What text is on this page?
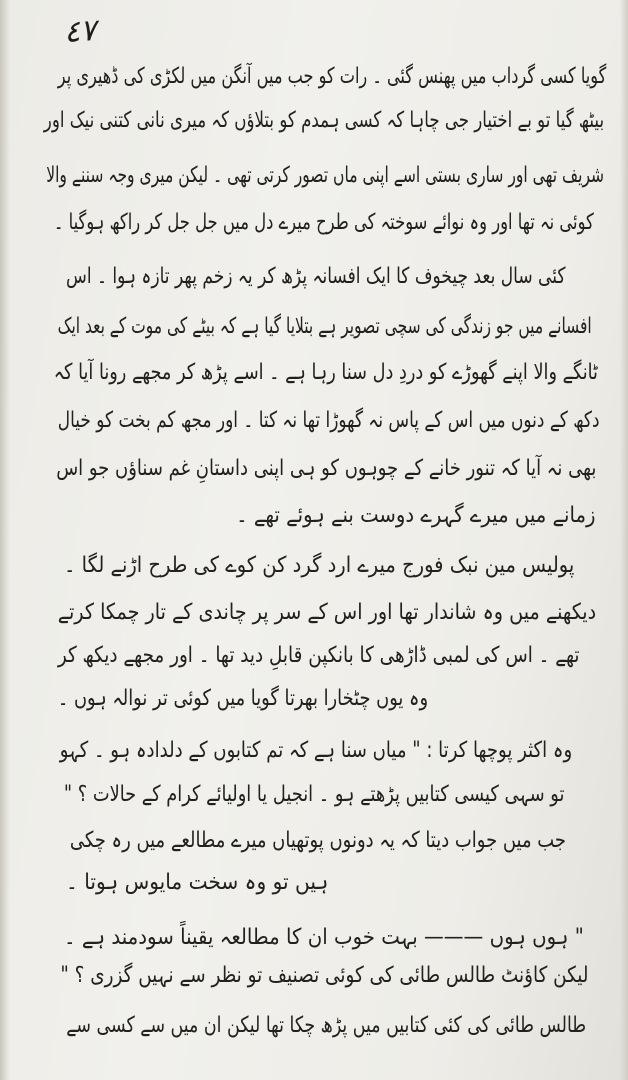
٤٧
گویا کسی گرداب میں پھنس گئی ۔ رات کو جب میں آنگن میں لکڑی کی ڈھیری پر
بیٹھ گیا تو بے اختیار جی چاہا کہ کسی ہمدم کو بتلاؤں کہ میری نانی کتنی نیک اور
شریف تھی اور ساری بستی اسے اپنی ماں تصور کرتی تھی ۔ لیکن میری وجہ سننے والا
کوئی نہ تھا اور وہ نوائے سوختہ کی طرح میرے دل میں جل جل کر راکھ ہوگیا ۔
کئی سال بعد چیخوف کا ایک افسانہ پڑھ کر یہ زخم پھر تازہ ہوا ۔ اس
افسانے میں جو زندگی کی سچی تصویر ہے بتلایا گیا ہے کہ بیٹے کی موت کے بعد ایک
ٹانگے والا اپنے گھوڑے کو دردِ دل سنا رہا ہے ۔ اسے پڑھ کر مجھے رونا آیا کہ
دکھ کے دنوں میں اس کے پاس نہ گھوڑا تھا نہ کتا ۔ اور مجھ کم بخت کو خیال
بھی نہ آیا کہ تنور خانے کے چوہوں کو ہی اپنی داستانِ غم سناؤں جو اس
زمانے میں میرے گہرے دوست بنے ہوئے تھے ۔
پولیس مین نبک فورج میرے ارد گرد کن کوے کی طرح اڑنے لگا ۔
دیکھنے میں وہ شاندار تھا اور اس کے سر پر چاندی کے تار چمکا کرتے
تھے ۔ اس کی لمبی ڈاڑھی کا بانکپن قابلِ دید تھا ۔ اور مجھے دیکھ کر
وہ یوں چٹخارا بھرتا گویا میں کوئی تر نوالہ ہوں ۔
وہ اکثر پوچھا کرتا : " میاں سنا ہے کہ تم کتابوں کے دلدادہ ہو ۔ کہو
تو سہی کیسی کتابیں پڑھتے ہو ۔ انجیل یا اولیائے کرام کے حالات ؟ "
جب میں جواب دیتا کہ یہ دونوں پوتھیاں میرے مطالعے میں رہ چکی
ہیں تو وہ سخت مایوس ہوتا ۔
" ہوں ہوں ——— بہت خوب ان کا مطالعہ یقیناً سودمند ہے ۔
لیکن کاؤنٹ طالس طائی کی کوئی تصنیف تو نظر سے نہیں گزری ؟ "
طالس طائی کی کئی کتابیں میں پڑھ چکا تھا لیکن ان میں سے کسی سے
